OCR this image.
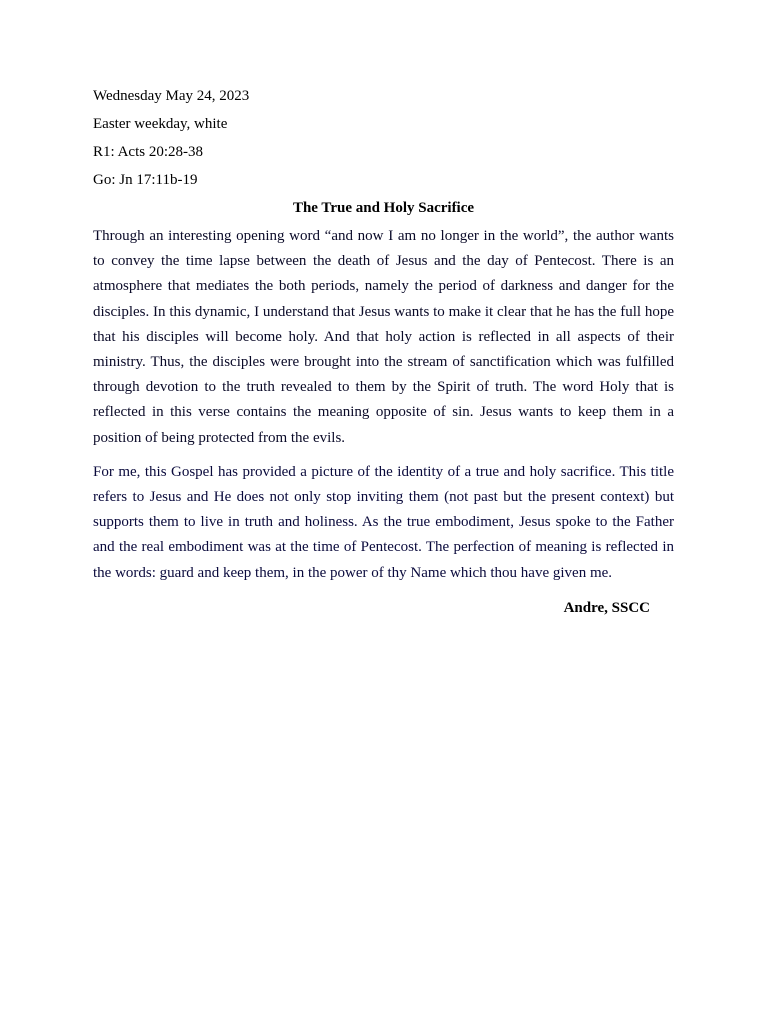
Wednesday May 24, 2023

Easter weekday, white

R1: Acts 20:28-38

Go: Jn 17:11b-19

The True and Holy Sacrifice

Through an interesting opening word “and now I am no longer in the world”, the author wants to convey the time lapse between the death of Jesus and the day of Pentecost. There is an atmosphere that mediates the both periods, namely the period of darkness and danger for the disciples. In this dynamic, I understand that Jesus wants to make it clear that he has the full hope that his disciples will become holy. And that holy action is reflected in all aspects of their ministry. Thus, the disciples were brought into the stream of sanctification which was fulfilled through devotion to the truth revealed to them by the Spirit of truth. The word Holy that is reflected in this verse contains the meaning opposite of sin. Jesus wants to keep them in a position of being protected from the evils.

For me, this Gospel has provided a picture of the identity of a true and holy sacrifice. This title refers to Jesus and He does not only stop inviting them (not past but the present context) but supports them to live in truth and holiness. As the true embodiment, Jesus spoke to the Father and the real embodiment was at the time of Pentecost. The perfection of meaning is reflected in the words: guard and keep them, in the power of thy Name which thou have given me.

Andre, SSCC
